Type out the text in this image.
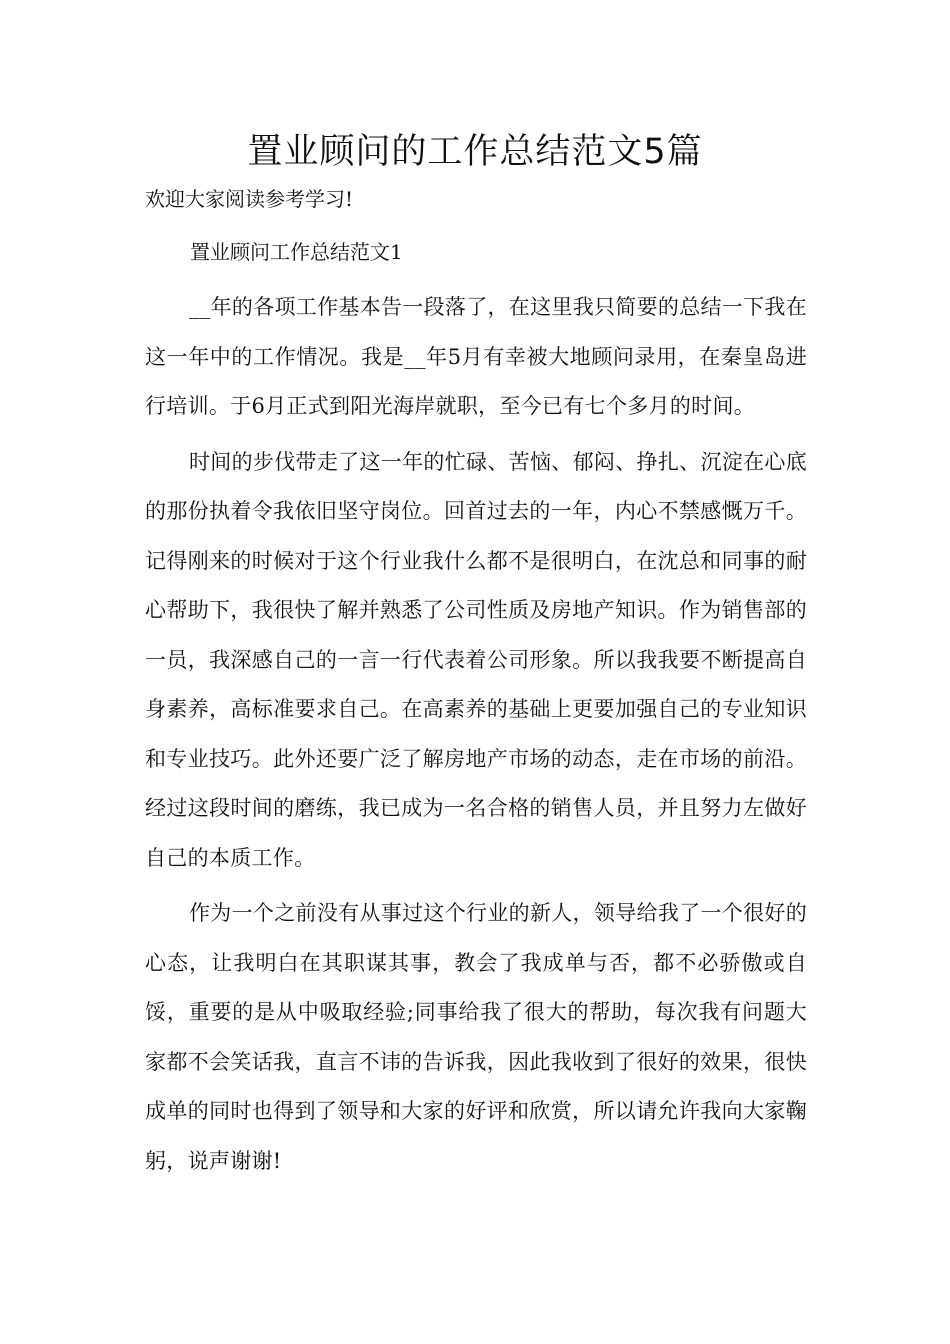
置业顾问的工作总结范文5篇

欢迎大家阅读参考学习!

置业顾问工作总结范文1

__年的各项工作基本告一段落了，在这里我只简要的总结一下我在这一年中的工作情况。我是__年5月有幸被大地顾问录用，在秦皇岛进行培训。于6月正式到阳光海岸就职，至今已有七个多月的时间。

时间的步伐带走了这一年的忙碌、苦恼、郁闷、挣扎、沉淀在心底的那份执着令我依旧坚守岗位。回首过去的一年，内心不禁感慨万千。记得刚来的时候对于这个行业我什么都不是很明白，在沈总和同事的耐心帮助下，我很快了解并熟悉了公司性质及房地产知识。作为销售部的一员，我深感自己的一言一行代表着公司形象。所以我我要不断提高自身素养，高标准要求自己。在高素养的基础上更要加强自己的专业知识和专业技巧。此外还要广泛了解房地产市场的动态，走在市场的前沿。经过这段时间的磨练，我已成为一名合格的销售人员，并且努力左做好自己的本质工作。

作为一个之前没有从事过这个行业的新人，领导给我了一个很好的心态，让我明白在其职谋其事，教会了我成单与否，都不必骄傲或自馁，重要的是从中吸取经验;同事给我了很大的帮助，每次我有问题大家都不会笑话我，直言不讳的告诉我，因此我收到了很好的效果，很快成单的同时也得到了领导和大家的好评和欣赏，所以请允许我向大家鞠躬，说声谢谢!
